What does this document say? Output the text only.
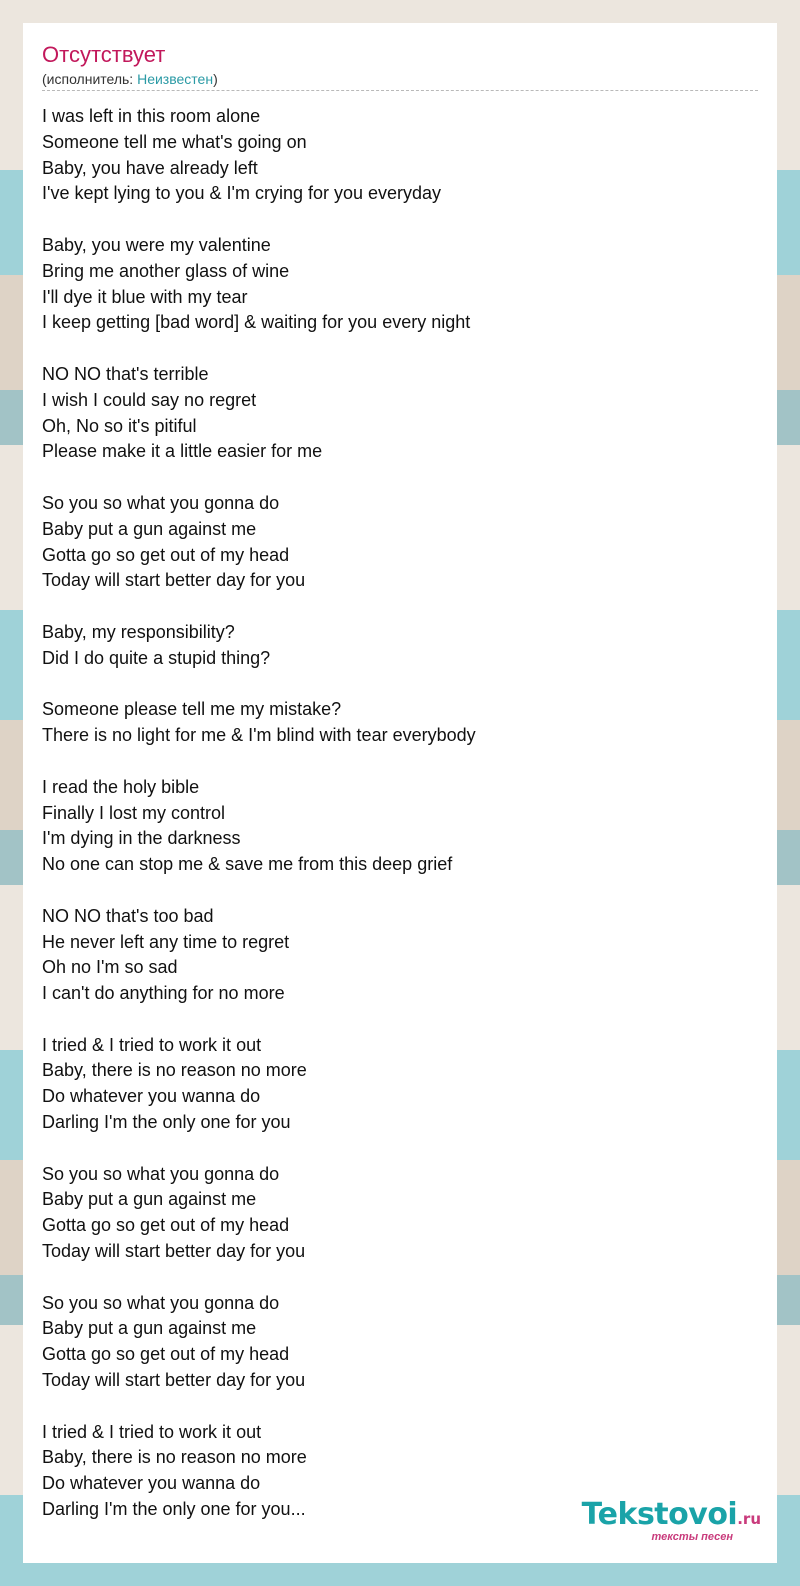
Отсутствует

(исполнитель: Неизвестен)

I was left in this room alone
Someone tell me what's going on
Baby, you have already left
I've kept lying to you & I'm crying for you everyday
Baby, you were my valentine
Bring me another glass of wine
I'll dye it blue with my tear
I keep getting [bad word] & waiting for you every night
NO NO that's terrible
I wish I could say no regret
Oh, No so it's pitiful
Please make it a little easier for me
So you so what you gonna do
Baby put a gun against me
Gotta go so get out of my head
Today will start better day for you
Baby, my responsibility?
Did I do quite a stupid thing?
Someone please tell me my mistake?
There is no light for me & I'm blind with tear everybody
I read the holy bible
Finally I lost my control
I'm dying in the darkness
No one can stop me & save me from this deep grief
NO NO that's too bad
He never left any time to regret
Oh no I'm so sad
I can't do anything for no more
I tried & I tried to work it out
Baby, there is no reason no more
Do whatever you wanna do
Darling I'm the only one for you
So you so what you gonna do
Baby put a gun against me
Gotta go so get out of my head
Today will start better day for you
So you so what you gonna do
Baby put a gun against me
Gotta go so get out of my head
Today will start better day for you
I tried & I tried to work it out
Baby, there is no reason no more
Do whatever you wanna do
Darling I'm the only one for you...	Tekstovoi.ru
тексты песен
